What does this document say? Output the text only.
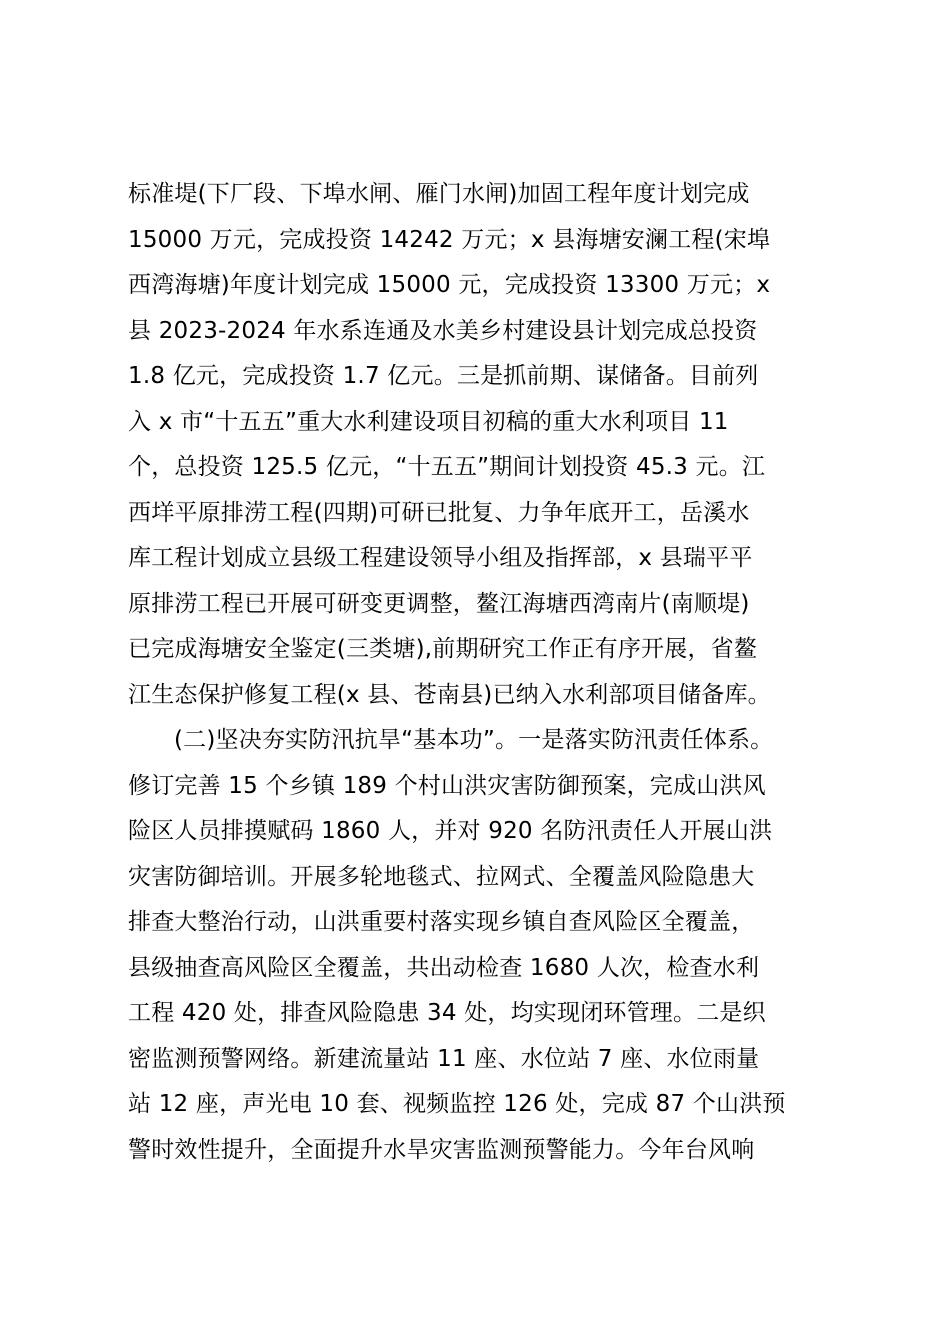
标准堤(下厂段、下埠水闸、雁门水闸)加固工程年度计划完成
15000 万元，完成投资 14242 万元；x 县海塘安澜工程(宋埠
西湾海塘)年度计划完成 15000 元，完成投资 13300 万元；x
县 2023-2024 年水系连通及水美乡村建设县计划完成总投资
1.8 亿元，完成投资 1.7 亿元。三是抓前期、谋储备。目前列
入 x 市“十五五”重大水利建设项目初稿的重大水利项目 11
个，总投资 125.5 亿元，“十五五”期间计划投资 45.3 元。江
西垟平原排涝工程(四期)可研已批复、力争年底开工，岳溪水
库工程计划成立县级工程建设领导小组及指挥部，x 县瑞平平
原排涝工程已开展可研变更调整，鳌江海塘西湾南片(南顺堤)
已完成海塘安全鉴定(三类塘),前期研究工作正有序开展，省鳌
江生态保护修复工程(x 县、苍南县)已纳入水利部项目储备库。
(二)坚决夯实防汛抗旱“基本功”。一是落实防汛责任体系。
修订完善 15 个乡镇 189 个村山洪灾害防御预案，完成山洪风
险区人员排摸赋码 1860 人，并对 920 名防汛责任人开展山洪
灾害防御培训。开展多轮地毯式、拉网式、全覆盖风险隐患大
排查大整治行动，山洪重要村落实现乡镇自查风险区全覆盖，
县级抽查高风险区全覆盖，共出动检查 1680 人次，检查水利
工程 420 处，排查风险隐患 34 处，均实现闭环管理。二是织
密监测预警网络。新建流量站 11 座、水位站 7 座、水位雨量
站 12 座，声光电 10 套、视频监控 126 处，完成 87 个山洪预
警时效性提升，全面提升水旱灾害监测预警能力。今年台风响
